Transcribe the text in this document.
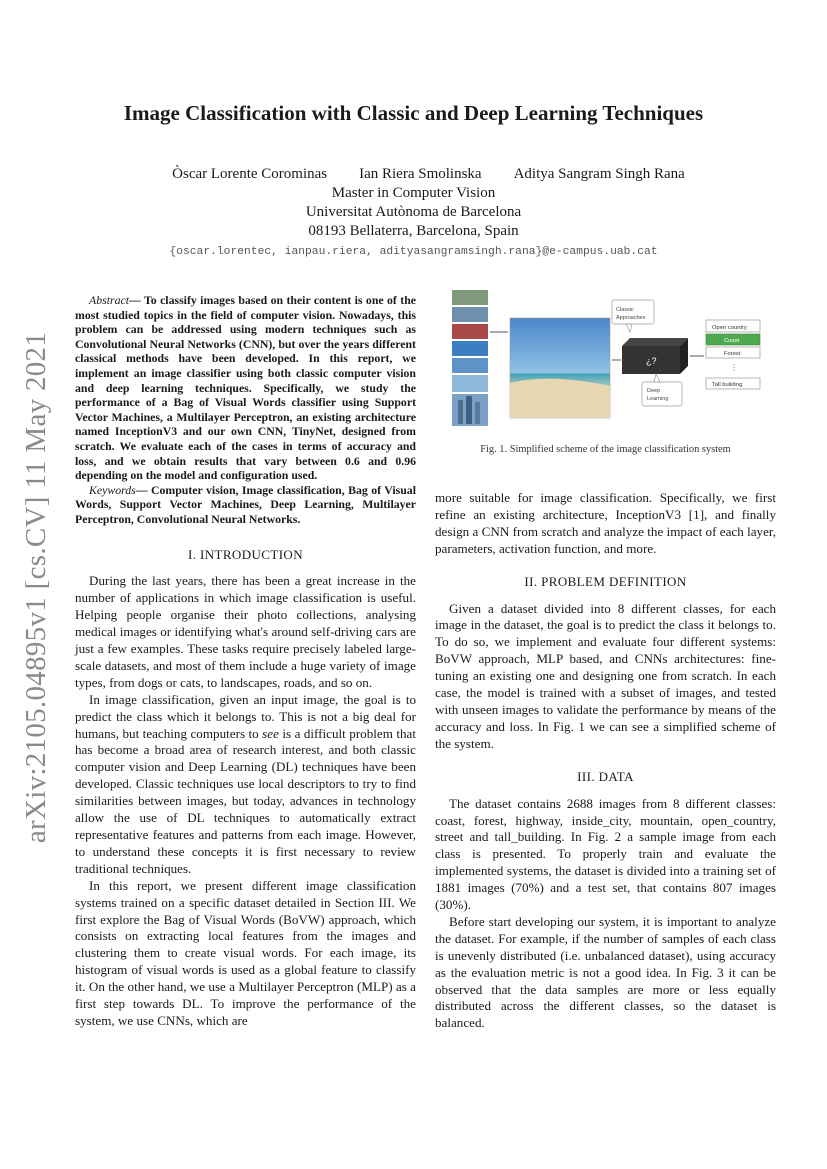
arXiv:2105.04895v1 [cs.CV] 11 May 2021
Image Classification with Classic and Deep Learning Techniques
Òscar Lorente Corominas Ian Riera Smolinska Aditya Sangram Singh Rana
Master in Computer Vision
Universitat Autònoma de Barcelona
08193 Bellaterra, Barcelona, Spain
{oscar.lorentec, ianpau.riera, adityasangramsingh.rana}@e-campus.uab.cat

Abstract— To classify images based on their content is one of the most studied topics in the field of computer vision. Nowadays, this problem can be addressed using modern techniques such as Convolutional Neural Networks (CNN), but over the years different classical methods have been developed. In this report, we implement an image classifier using both classic computer vision and deep learning techniques. Specifically, we study the performance of a Bag of Visual Words classifier using Support Vector Machines, a Multilayer Perceptron, an existing architecture named InceptionV3 and our own CNN, TinyNet, designed from scratch. We evaluate each of the cases in terms of accuracy and loss, and we obtain results that vary between 0.6 and 0.96 depending on the model and configuration used.

Keywords— Computer vision, Image classification, Bag of Visual Words, Support Vector Machines, Deep Learning, Multilayer Perceptron, Convolutional Neural Networks.

I. INTRODUCTION

During the last years, there has been a great increase in the number of applications in which image classification is useful. Helping people organise their photo collections, analysing medical images or identifying what's around self-driving cars are just a few examples. These tasks require precisely labeled large-scale datasets, and most of them include a huge variety of image types, from dogs or cats, to landscapes, roads, and so on.

In image classification, given an input image, the goal is to predict the class which it belongs to. This is not a big deal for humans, but teaching computers to see is a difficult problem that has become a broad area of research interest, and both classic computer vision and Deep Learning (DL) techniques have been developed. Classic techniques use local descriptors to try to find similarities between images, but today, advances in technology allow the use of DL techniques to automatically extract representative features and patterns from each image. However, to understand these concepts it is first necessary to review traditional techniques.

In this report, we present different image classification systems trained on a specific dataset detailed in Section III. We first explore the Bag of Visual Words (BoVW) approach, which consists on extracting local features from the images and clustering them to create visual words. For each image, its histogram of visual words is used as a global feature to classify it. On the other hand, we use a Multilayer Perceptron (MLP) as a first step towards DL. To improve the performance of the system, we use CNNs, which are

Classic
Approaches
¿?
Deep
Learning
Open country
Coast
Forest
⋮
Tall building
Fig. 1. Simplified scheme of the image classification system

more suitable for image classification. Specifically, we first refine an existing architecture, InceptionV3 [1], and finally design a CNN from scratch and analyze the impact of each layer, parameters, activation function, and more.

II. PROBLEM DEFINITION

Given a dataset divided into 8 different classes, for each image in the dataset, the goal is to predict the class it belongs to. To do so, we implement and evaluate four different systems: BoVW approach, MLP based, and CNNs architectures: fine-tuning an existing one and designing one from scratch. In each case, the model is trained with a subset of images, and tested with unseen images to validate the performance by means of the accuracy and loss. In Fig. 1 we can see a simplified scheme of the system.

III. DATA

The dataset contains 2688 images from 8 different classes: coast, forest, highway, inside_city, mountain, open_country, street and tall_building. In Fig. 2 a sample image from each class is presented. To properly train and evaluate the implemented systems, the dataset is divided into a training set of 1881 images (70%) and a test set, that contains 807 images (30%).

Before start developing our system, it is important to analyze the dataset. For example, if the number of samples of each class is unevenly distributed (i.e. unbalanced dataset), using accuracy as the evaluation metric is not a good idea. In Fig. 3 it can be observed that the data samples are more or less equally distributed across the different classes, so the dataset is balanced.
